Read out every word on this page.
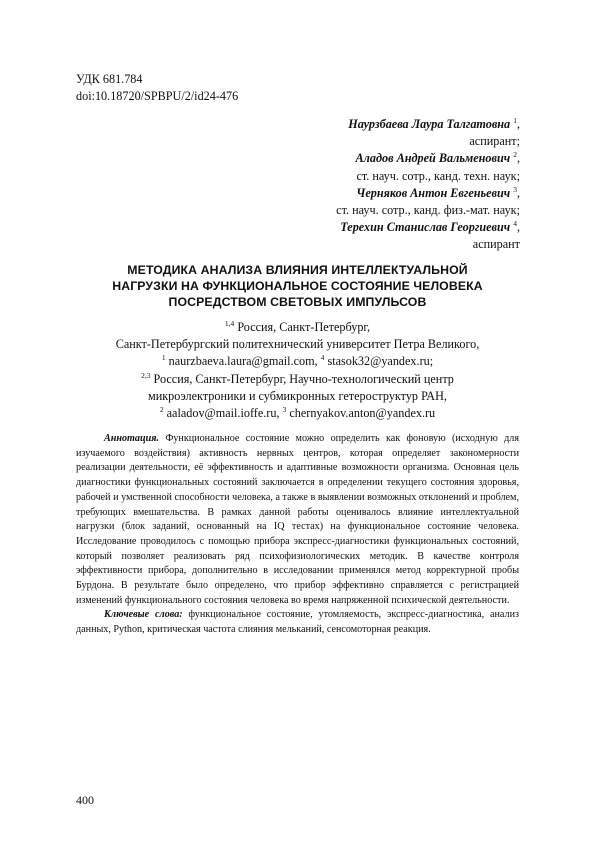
УДК 681.784
doi:10.18720/SPBPU/2/id24-476
Наурзбаева Лаура Талгатовна $^1$,
аспирант;
Аладов Андрей Вальменович $^2$,
ст. науч. сотр., канд. техн. наук;
Черняков Антон Евгеньевич $^3$,
ст. науч. сотр., канд. физ.-мат. наук;
Терехин Станислав Георгиевич $^4$,
аспирант
МЕТОДИКА АНАЛИЗА ВЛИЯНИЯ ИНТЕЛЛЕКТУАЛЬНОЙ
НАГРУЗКИ НА ФУНКЦИОНАЛЬНОЕ СОСТОЯНИЕ ЧЕЛОВЕКА
ПОСРЕДСТВОМ СВЕТОВЫХ ИМПУЛЬСОВ
$^{1,4}$ Россия, Санкт-Петербург,
Санкт-Петербургский политехнический университет Петра Великого,
$^1$ naurzbaeva.laura@gmail.com, $^4$ stasok32@yandex.ru;
$^{2,3}$ Россия, Санкт-Петербург, Научно-технологический центр
микроэлектроники и субмикронных гетероструктур РАН,
$^2$ aaladov@mail.ioffe.ru, $^3$ chernyakov.anton@yandex.ru

Аннотация. Функциональное состояние можно определить как фоновую (исходную для изучаемого воздействия) активность нервных центров, которая определяет закономерности реализации деятельности, её эффективность и адаптивные возможности организма. Основная цель диагностики функциональных состояний заключается в определении текущего состояния здоровья, рабочей и умственной способности человека, а также в выявлении возможных отклонений и проблем, требующих вмешательства. В рамках данной работы оценивалось влияние интеллектуальной нагрузки (блок заданий, основанный на IQ тестах) на функциональное состояние человека. Исследование проводилось с помощью прибора экспресс-диагностики функциональных состояний, который позволяет реализовать ряд психофизиологических методик. В качестве контроля эффективности прибора, дополнительно в исследовании применялся метод корректурной пробы Бурдона. В результате было определено, что прибор эффективно справляется с регистрацией изменений функционального состояния человека во время напряженной психической деятельности.

Ключевые слова: функциональное состояние, утомляемость, экспресс-диагностика, анализ данных, Python, критическая частота слияния мельканий, сенсомоторная реакция.

400
